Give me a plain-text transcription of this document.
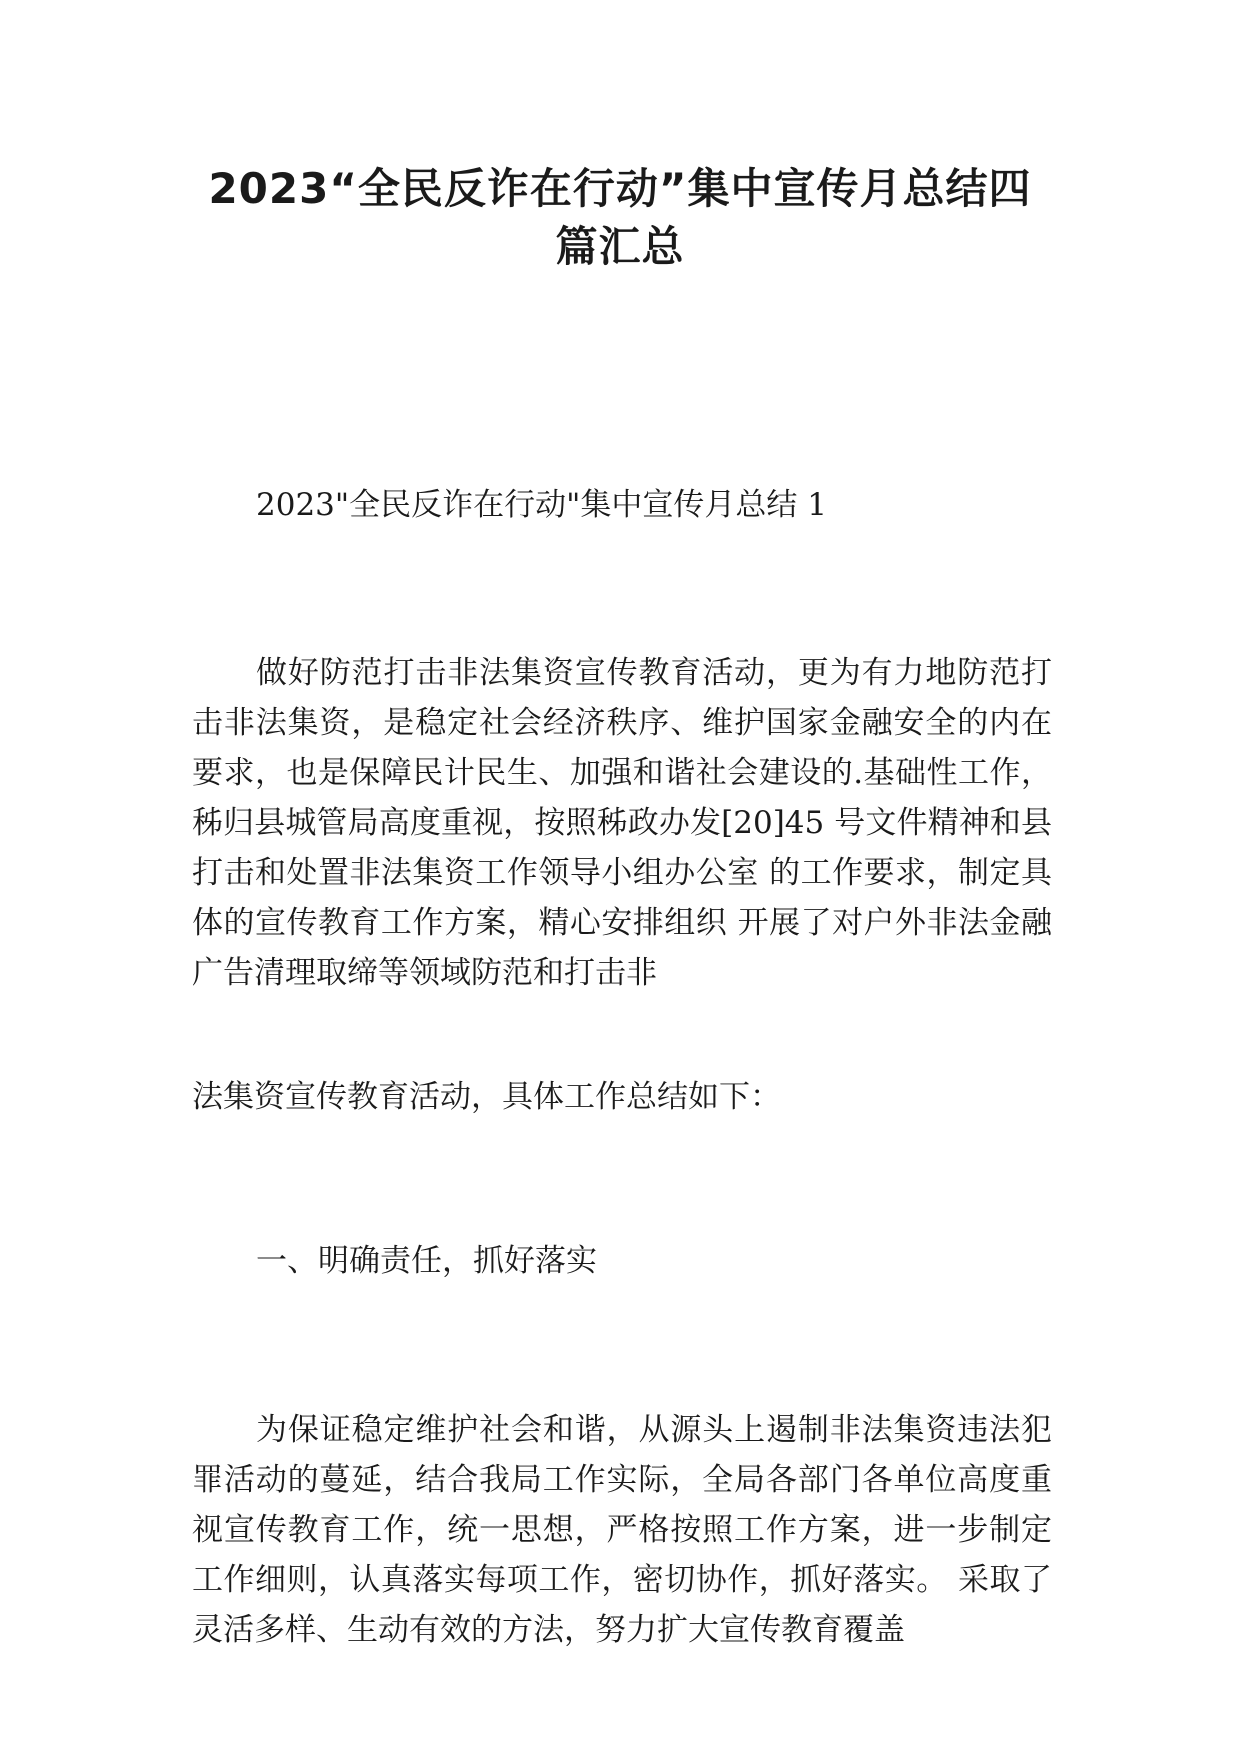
2023“全民反诈在行动”集中宣传月总结四
篇汇总

2023"全民反诈在行动"集中宣传月总结 1

做好防范打击非法集资宣传教育活动，更为有力地防范打击非法集资，是稳定社会经济秩序、维护国家金融安全的内在要求，也是保障民计民生、加强和谐社会建设的.基础性工作，秭归县城管局高度重视，按照秭政办发[20]45 号文件精神和县打击和处置非法集资工作领导小组办公室 的工作要求，制定具体的宣传教育工作方案，精心安排组织 开展了对户外非法金融广告清理取缔等领域防范和打击非

法集资宣传教育活动，具体工作总结如下：

一、明确责任，抓好落实

为保证稳定维护社会和谐，从源头上遏制非法集资违法犯罪活动的蔓延，结合我局工作实际，全局各部门各单位高度重视宣传教育工作，统一思想，严格按照工作方案，进一步制定工作细则，认真落实每项工作，密切协作，抓好落实。 采取了灵活多样、生动有效的方法，努力扩大宣传教育覆盖
